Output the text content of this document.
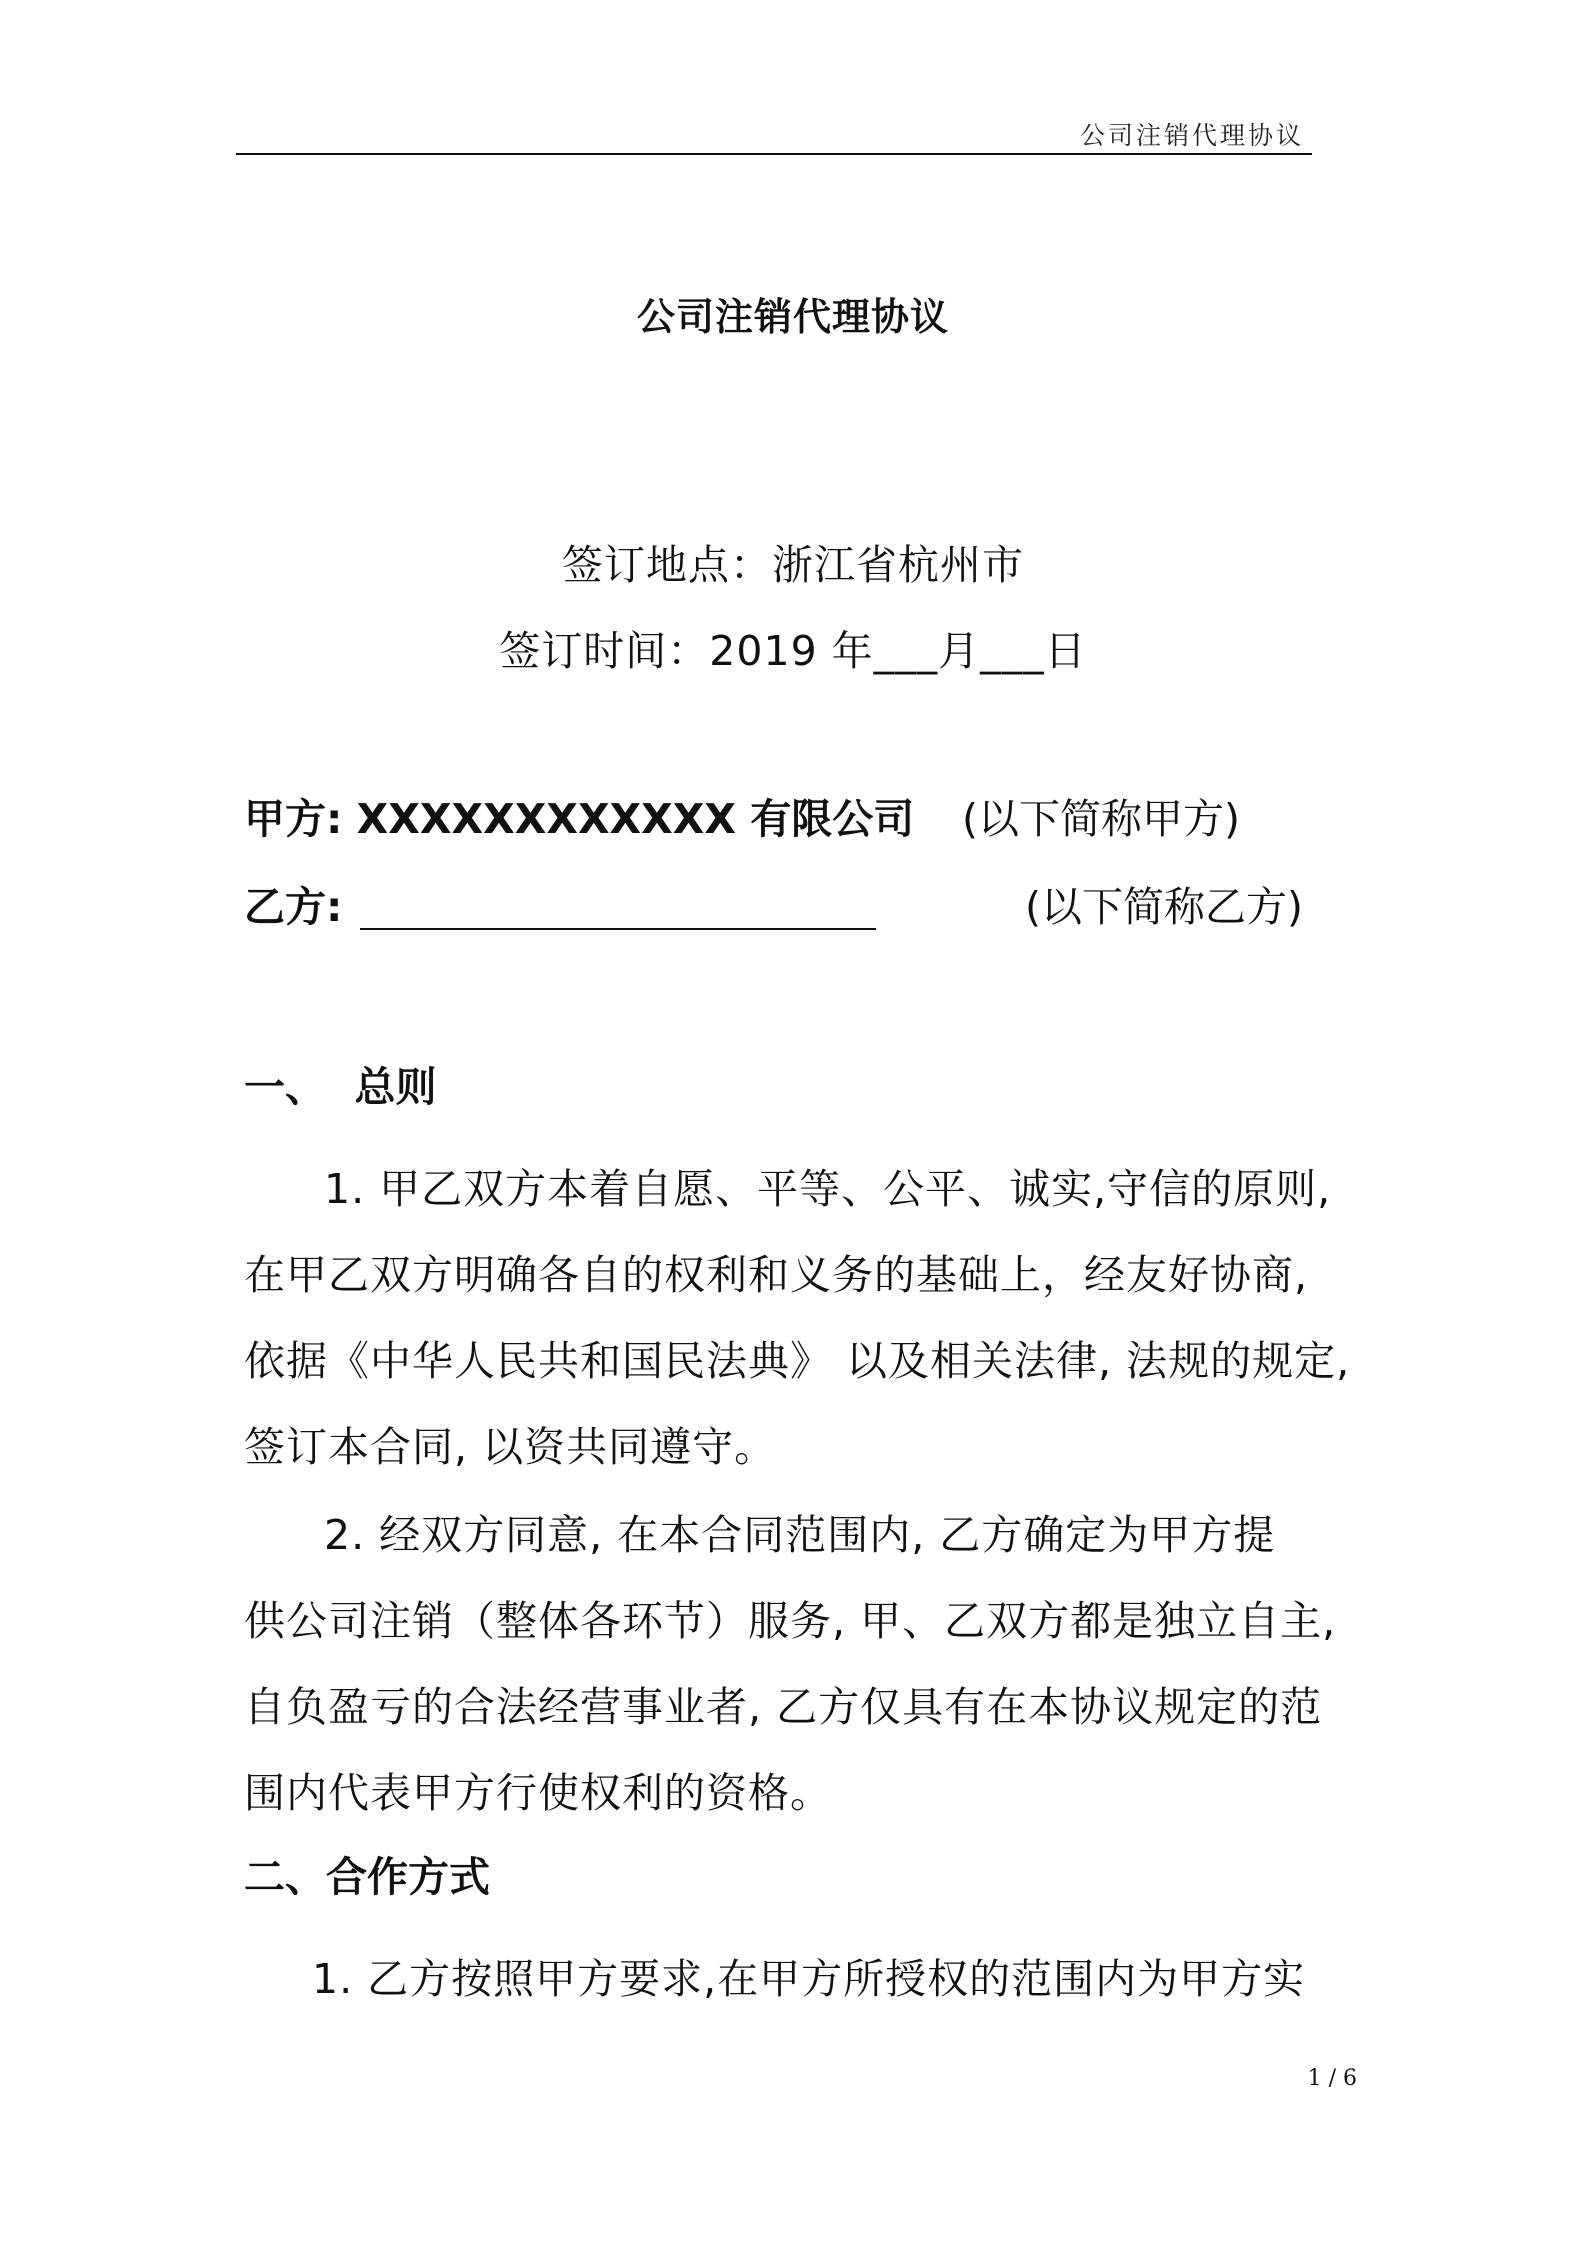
公司注销代理协议
公司注销代理协议
签订地点：浙江省杭州市
签订时间：2019 年___月___日
甲方: XXXXXXXXXXXX 有限公司 (以下简称甲方)
乙方:	(以下简称乙方)
一、  总则
1. 甲乙双方本着自愿、平等、公平、诚实,守信的原则,
在甲乙双方明确各自的权利和义务的基础上，经友好协商,
依据《中华人民共和国民法典》 以及相关法律, 法规的规定,
签订本合同, 以资共同遵守。
2. 经双方同意, 在本合同范围内, 乙方确定为甲方提
供公司注销（整体各环节）服务, 甲、乙双方都是独立自主,
自负盈亏的合法经营事业者, 乙方仅具有在本协议规定的范
围内代表甲方行使权利的资格。
二、合作方式
1. 乙方按照甲方要求,在甲方所授权的范围内为甲方实
1 / 6
